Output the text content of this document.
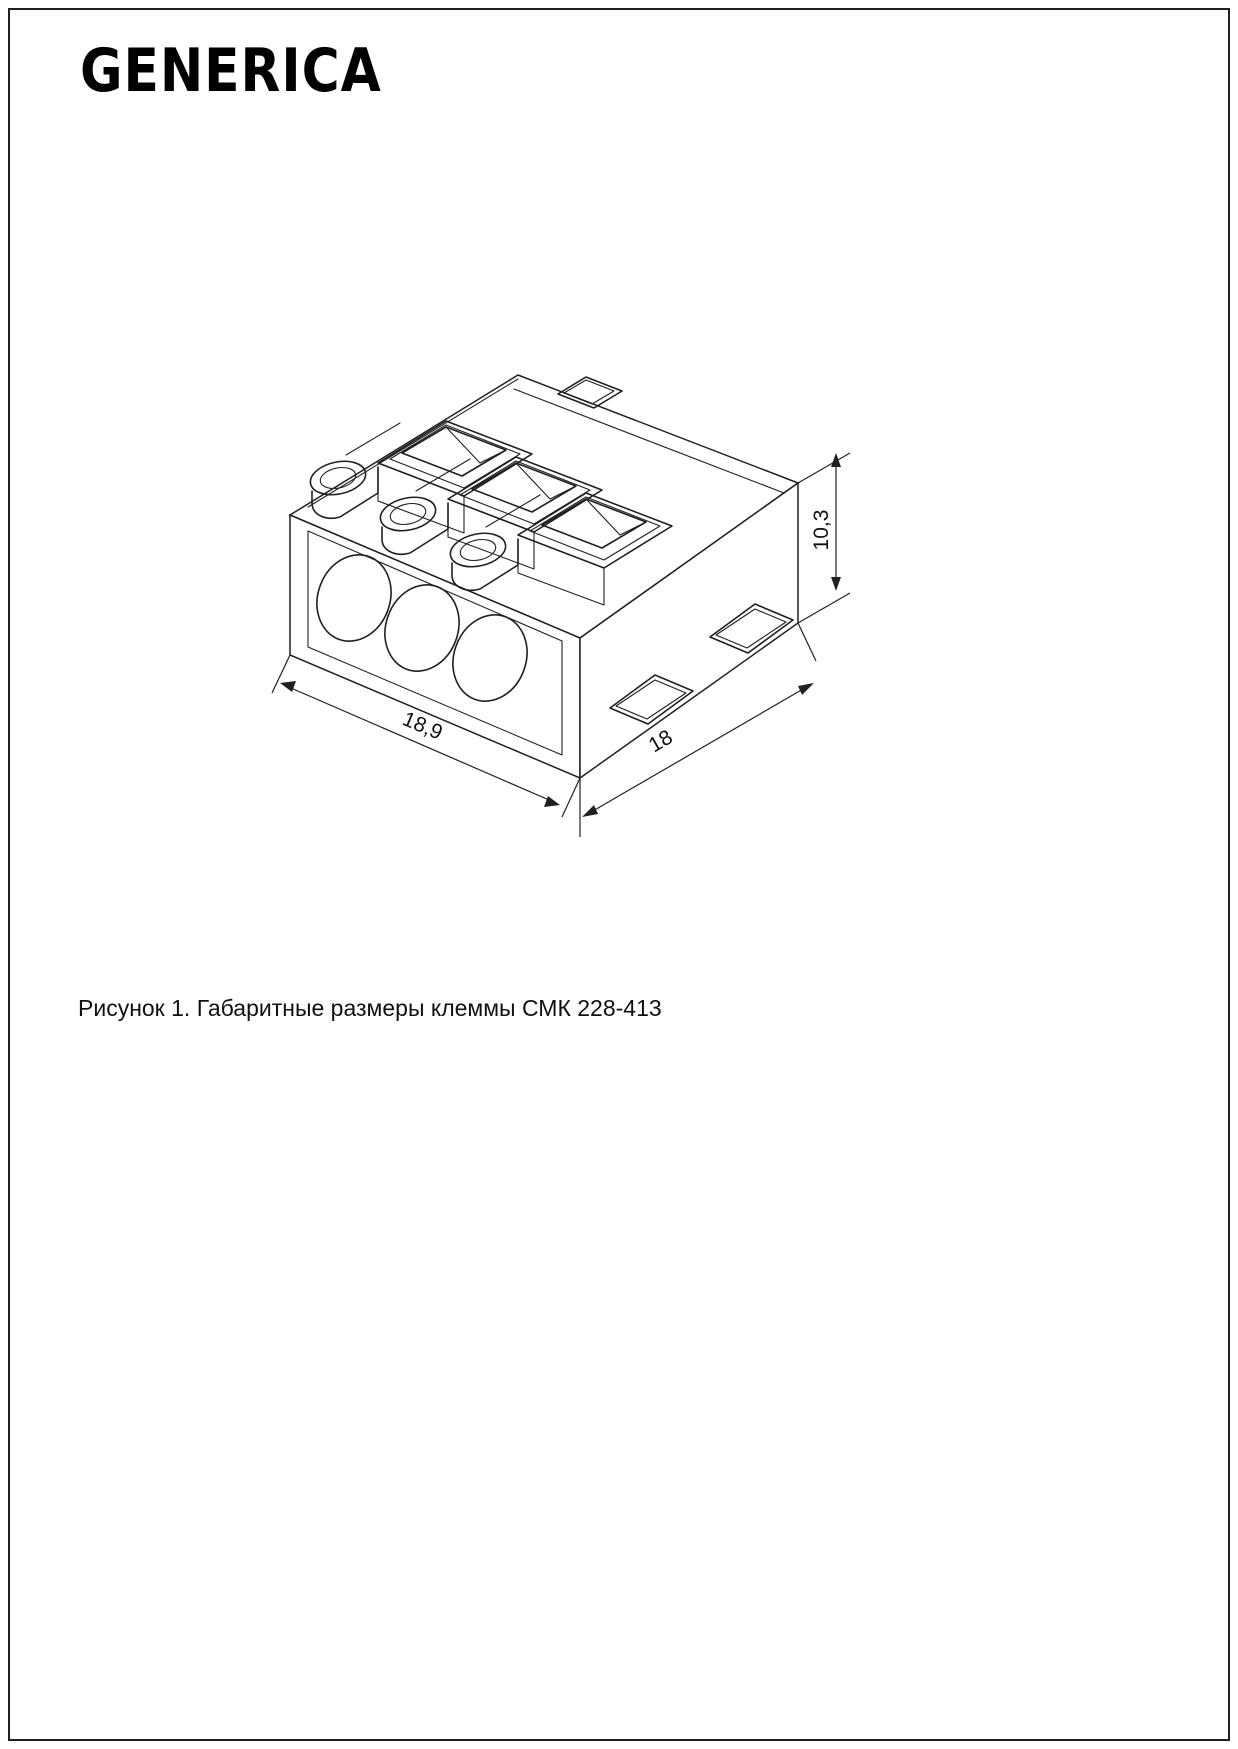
GENERICA
10,3
18,9	18
Рисунок 1. Габаритные размеры клеммы СМК 228-413
